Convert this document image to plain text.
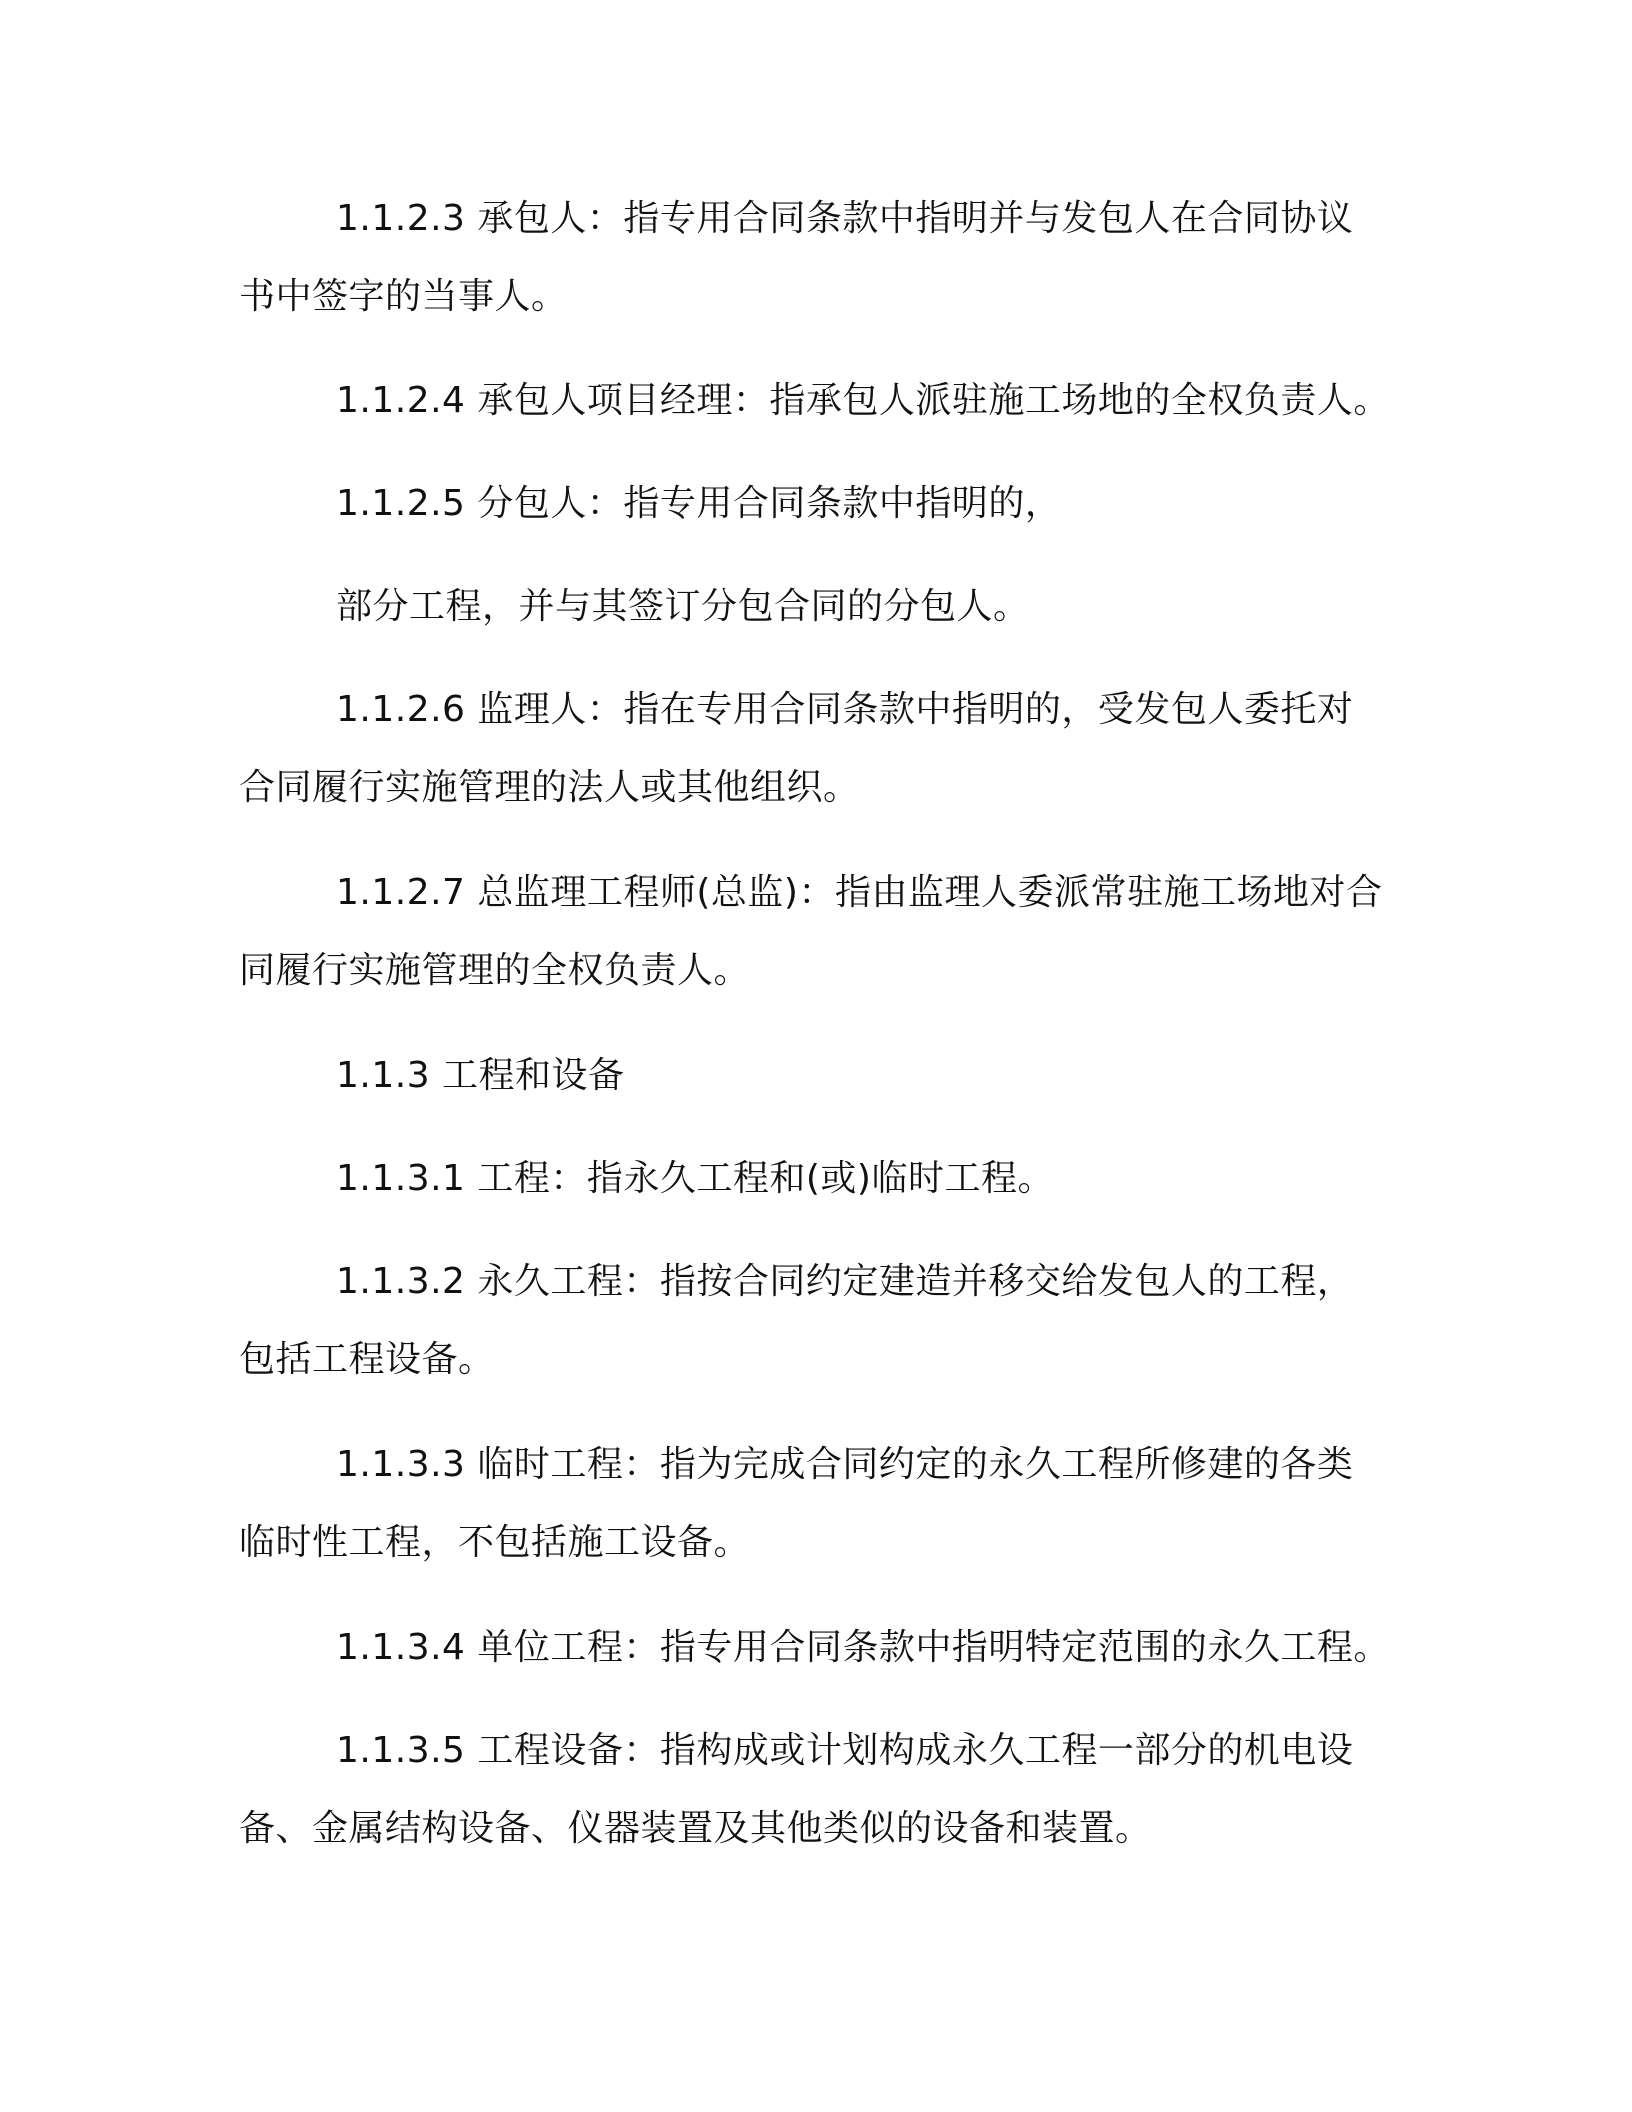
1.1.2.3 承包人：指专用合同条款中指明并与发包人在合同协议
书中签字的当事人。
1.1.2.4 承包人项目经理：指承包人派驻施工场地的全权负责人。
1.1.2.5 分包人：指专用合同条款中指明的，
部分工程，并与其签订分包合同的分包人。
1.1.2.6 监理人：指在专用合同条款中指明的，受发包人委托对
合同履行实施管理的法人或其他组织。
1.1.2.7 总监理工程师(总监)：指由监理人委派常驻施工场地对合
同履行实施管理的全权负责人。
1.1.3 工程和设备
1.1.3.1 工程：指永久工程和(或)临时工程。
1.1.3.2 永久工程：指按合同约定建造并移交给发包人的工程，
包括工程设备。
1.1.3.3 临时工程：指为完成合同约定的永久工程所修建的各类
临时性工程，不包括施工设备。
1.1.3.4 单位工程：指专用合同条款中指明特定范围的永久工程。
1.1.3.5 工程设备：指构成或计划构成永久工程一部分的机电设
备、金属结构设备、仪器装置及其他类似的设备和装置。
